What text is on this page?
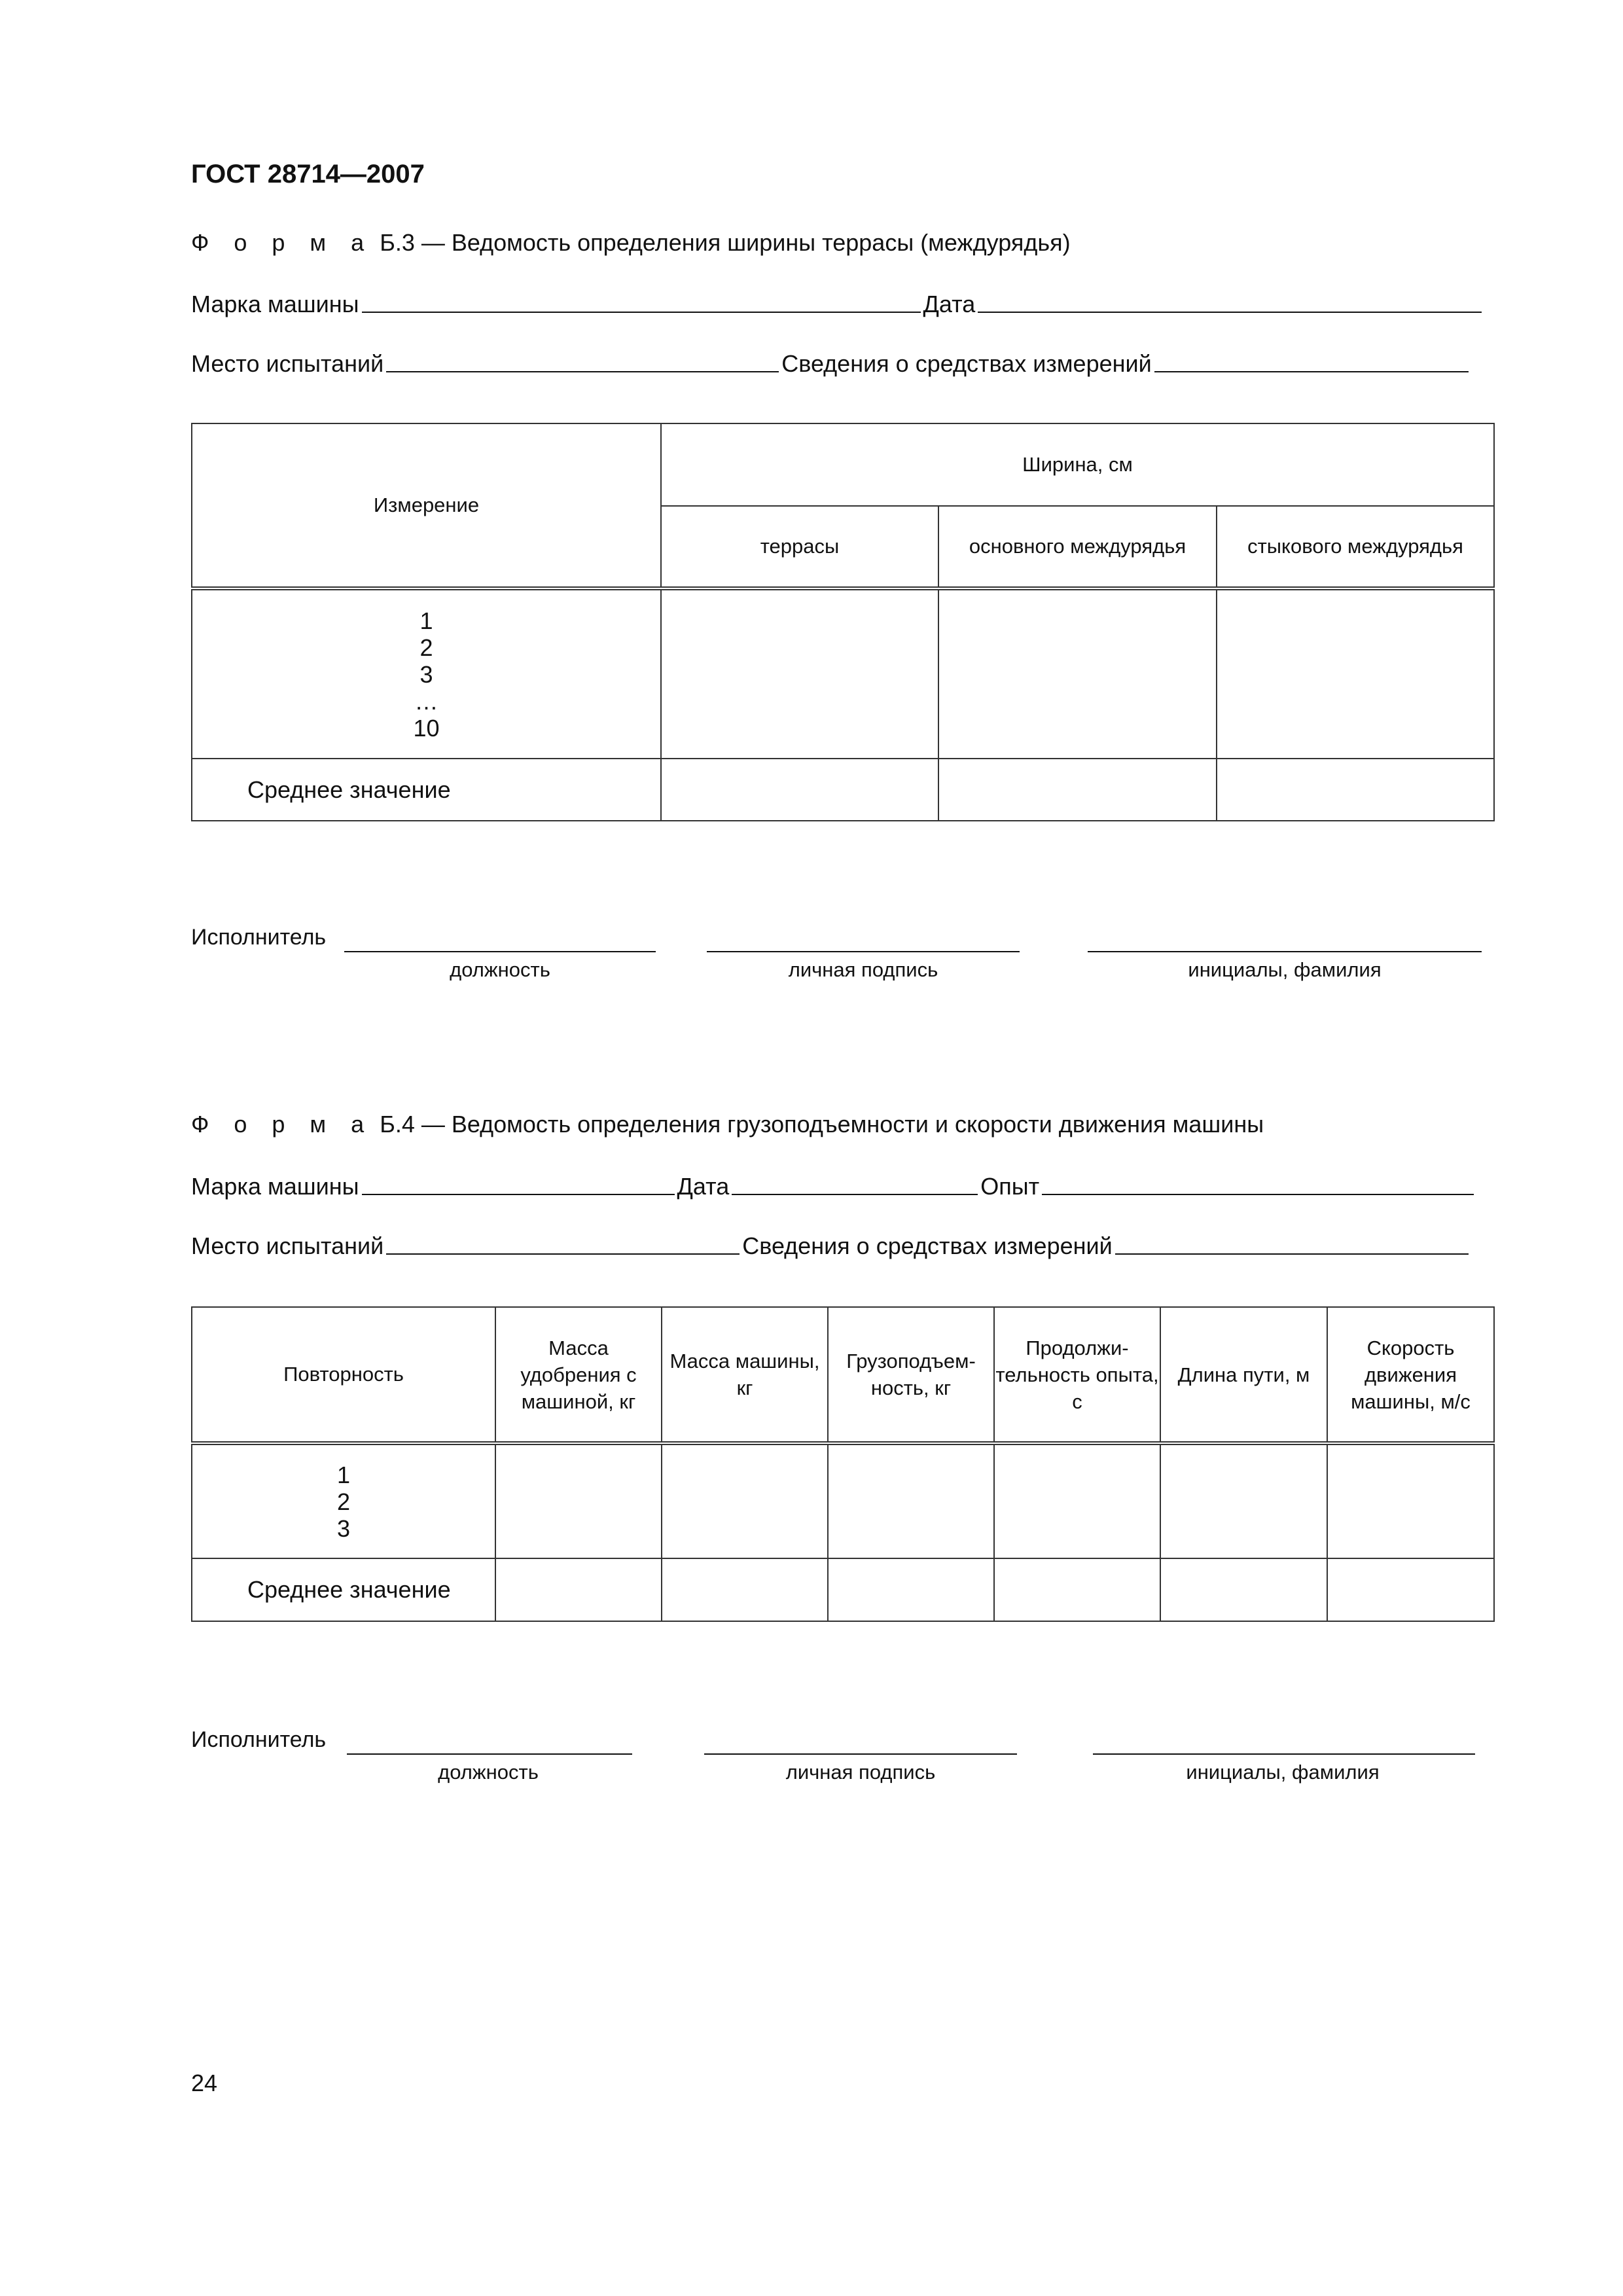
ГОСТ 28714—2007
Ф о р м а Б.3 — Ведомость определения ширины террасы (междурядья)
Марка машины	Дата
Место испытаний	Сведения о средствах измерений
Измерение	Ширина, см		
	террасы	основного междурядья	стыкового междурядья

1
2
3
…
10			

Среднее значение			
Исполнитель
должность	личная подпись	инициалы, фамилия
Ф о р м а Б.4 — Ведомость определения грузоподъемности и скорости движения машины
Марка машины	Дата	Опыт
Место испытаний	Сведения о средствах измерений
Повторность	Масса удобрения с машиной, кг	Масса машины, кг	Грузоподъем-ность, кг	Продолжи-тельность опыта, с	Длина пути, м	Скорость движения машины, м/с

1
2
3						

Среднее значение						
Исполнитель
должность	личная подпись	инициалы, фамилия
24
